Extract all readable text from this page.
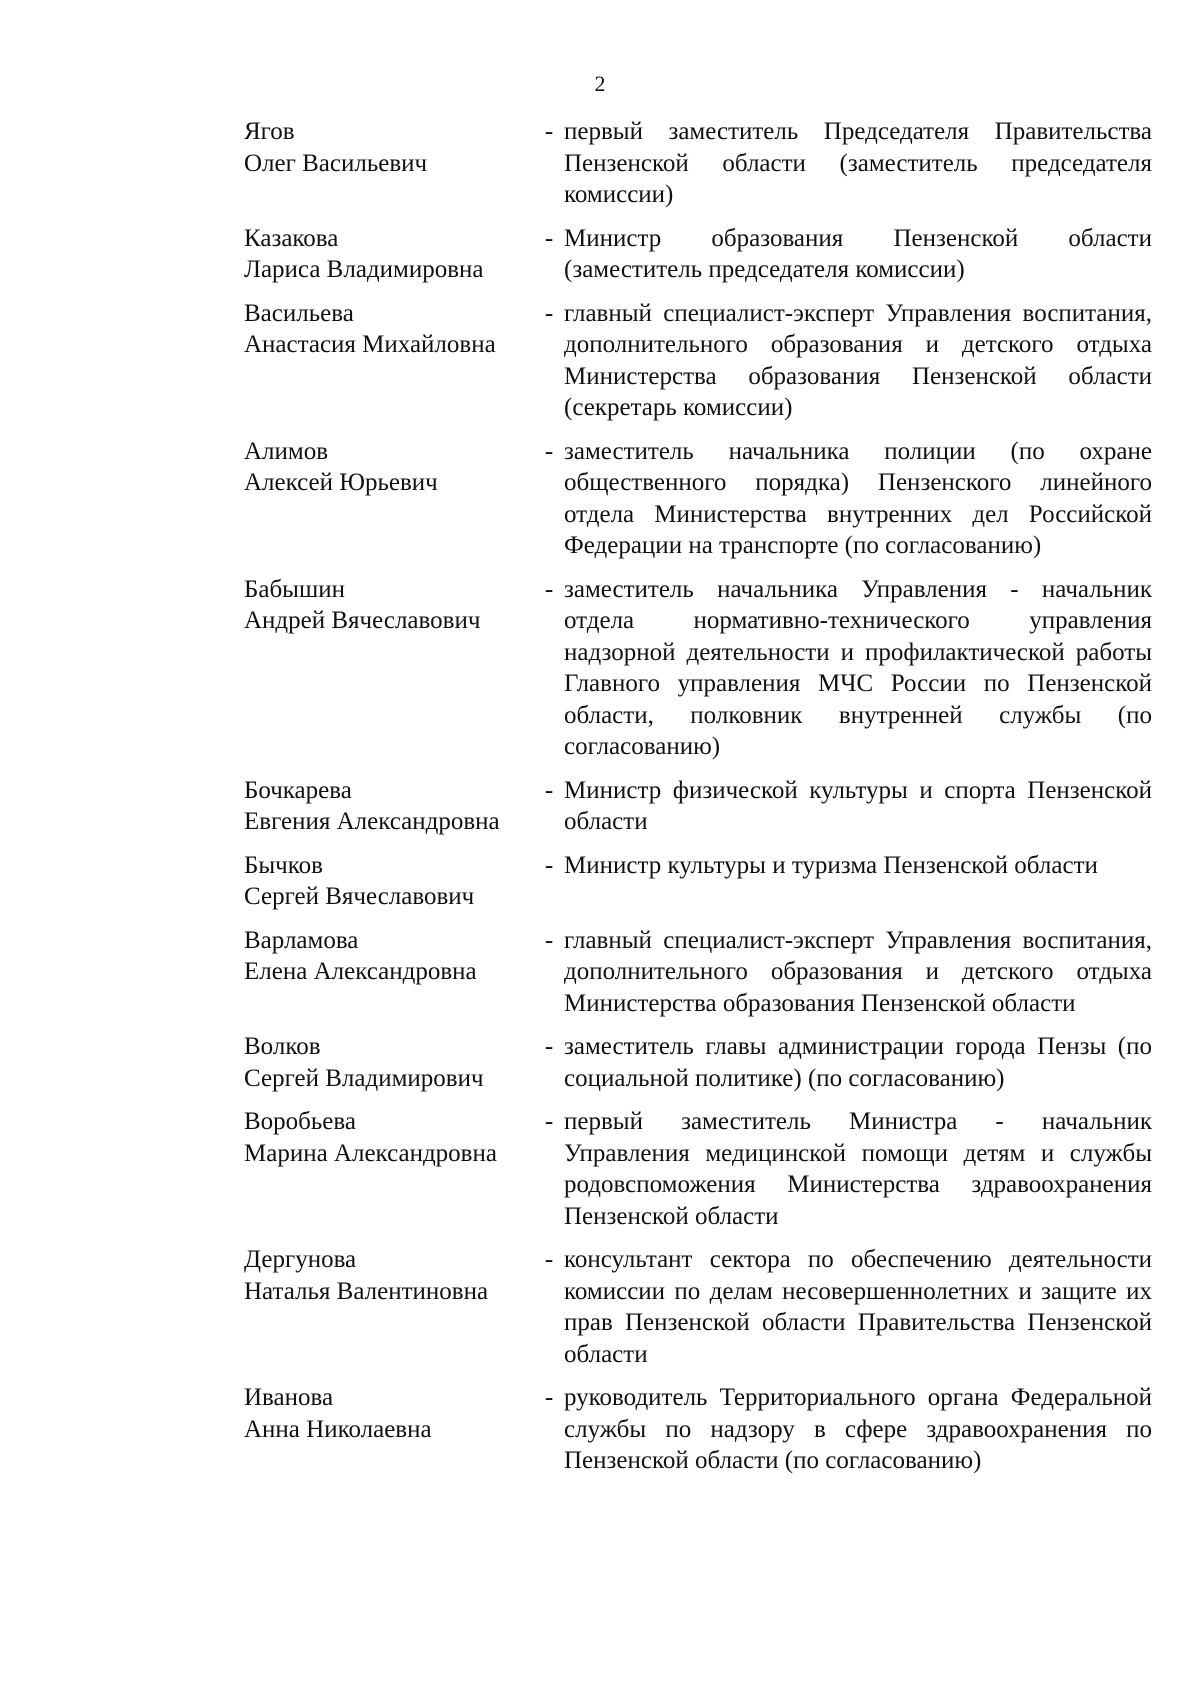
2
Ягов
Олег Васильевич
- первый заместитель Председателя Правительства Пензенской области (заместитель председателя комиссии)
Казакова
Лариса Владимировна
- Министр образования Пензенской области (заместитель председателя комиссии)
Васильева
Анастасия Михайловна
- главный специалист-эксперт Управления воспитания, дополнительного образования и детского отдыха Министерства образования Пензенской области (секретарь комиссии)
Алимов
Алексей Юрьевич
- заместитель начальника полиции (по охране общественного порядка) Пензенского линейного отдела Министерства внутренних дел Российской Федерации на транспорте (по согласованию)
Бабышин
Андрей Вячеславович
- заместитель начальника Управления - начальник отдела нормативно-технического управления надзорной деятельности и профилактической работы Главного управления МЧС России по Пензенской области, полковник внутренней службы (по согласованию)
Бочкарева
Евгения Александровна
- Министр физической культуры и спорта Пензенской области
Бычков
Сергей Вячеславович
- Министр культуры и туризма Пензенской области
Варламова
Елена Александровна
- главный специалист-эксперт Управления воспитания, дополнительного образования и детского отдыха Министерства образования Пензенской области
Волков
Сергей Владимирович
- заместитель главы администрации города Пензы (по социальной политике) (по согласованию)
Воробьева
Марина Александровна
- первый заместитель Министра - начальник Управления медицинской помощи детям и службы родовспоможения Министерства здравоохранения Пензенской области
Дергунова
Наталья Валентиновна
- консультант сектора по обеспечению деятельности комиссии по делам несовершеннолетних и защите их прав Пензенской области Правительства Пензенской области
Иванова
Анна Николаевна
- руководитель Территориального органа Федеральной службы по надзору в сфере здравоохранения по Пензенской области (по согласованию)
